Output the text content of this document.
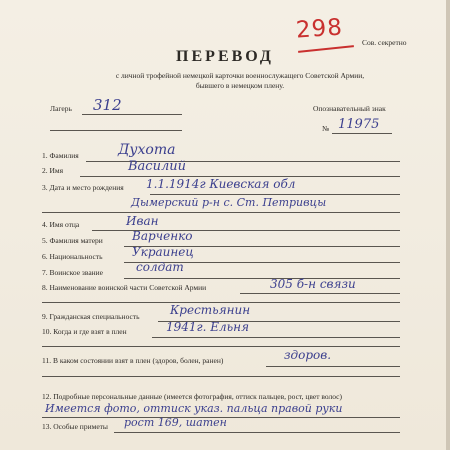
298 Сов. секретно
ПЕРЕВОД
с личной трофейной немецкой карточки военнослужащего Советской Армии,
бывшего в немецком плену.
Лагерь 312	Опознавательный знак
№ 11975
1. Фамилия	Духота
2. Имя	Василий
3. Дата и место рождения 1.1.1914г Киевская обл
Дымерский р-н с. Ст. Петривцы
4. Имя отца	Иван
5. Фамилия матери Варченко
6. Национальность Украинец
7. Воинское звание	солдат
8. Наименование воинской части Советской Армии	305 б-н связи
9. Гражданская специальность	Крестьянин
10. Когда и где взят в плен	1941г. Ельня
11. В каком состоянии взят в плен (здоров, болен, ранен)	здоров.
12. Подробные персональные данные (имеется фотография, оттиск пальцев, рост, цвет волос)
Имеется фото, оттиск указ. пальца правой руки
13. Особые приметы рост 169, шатен
